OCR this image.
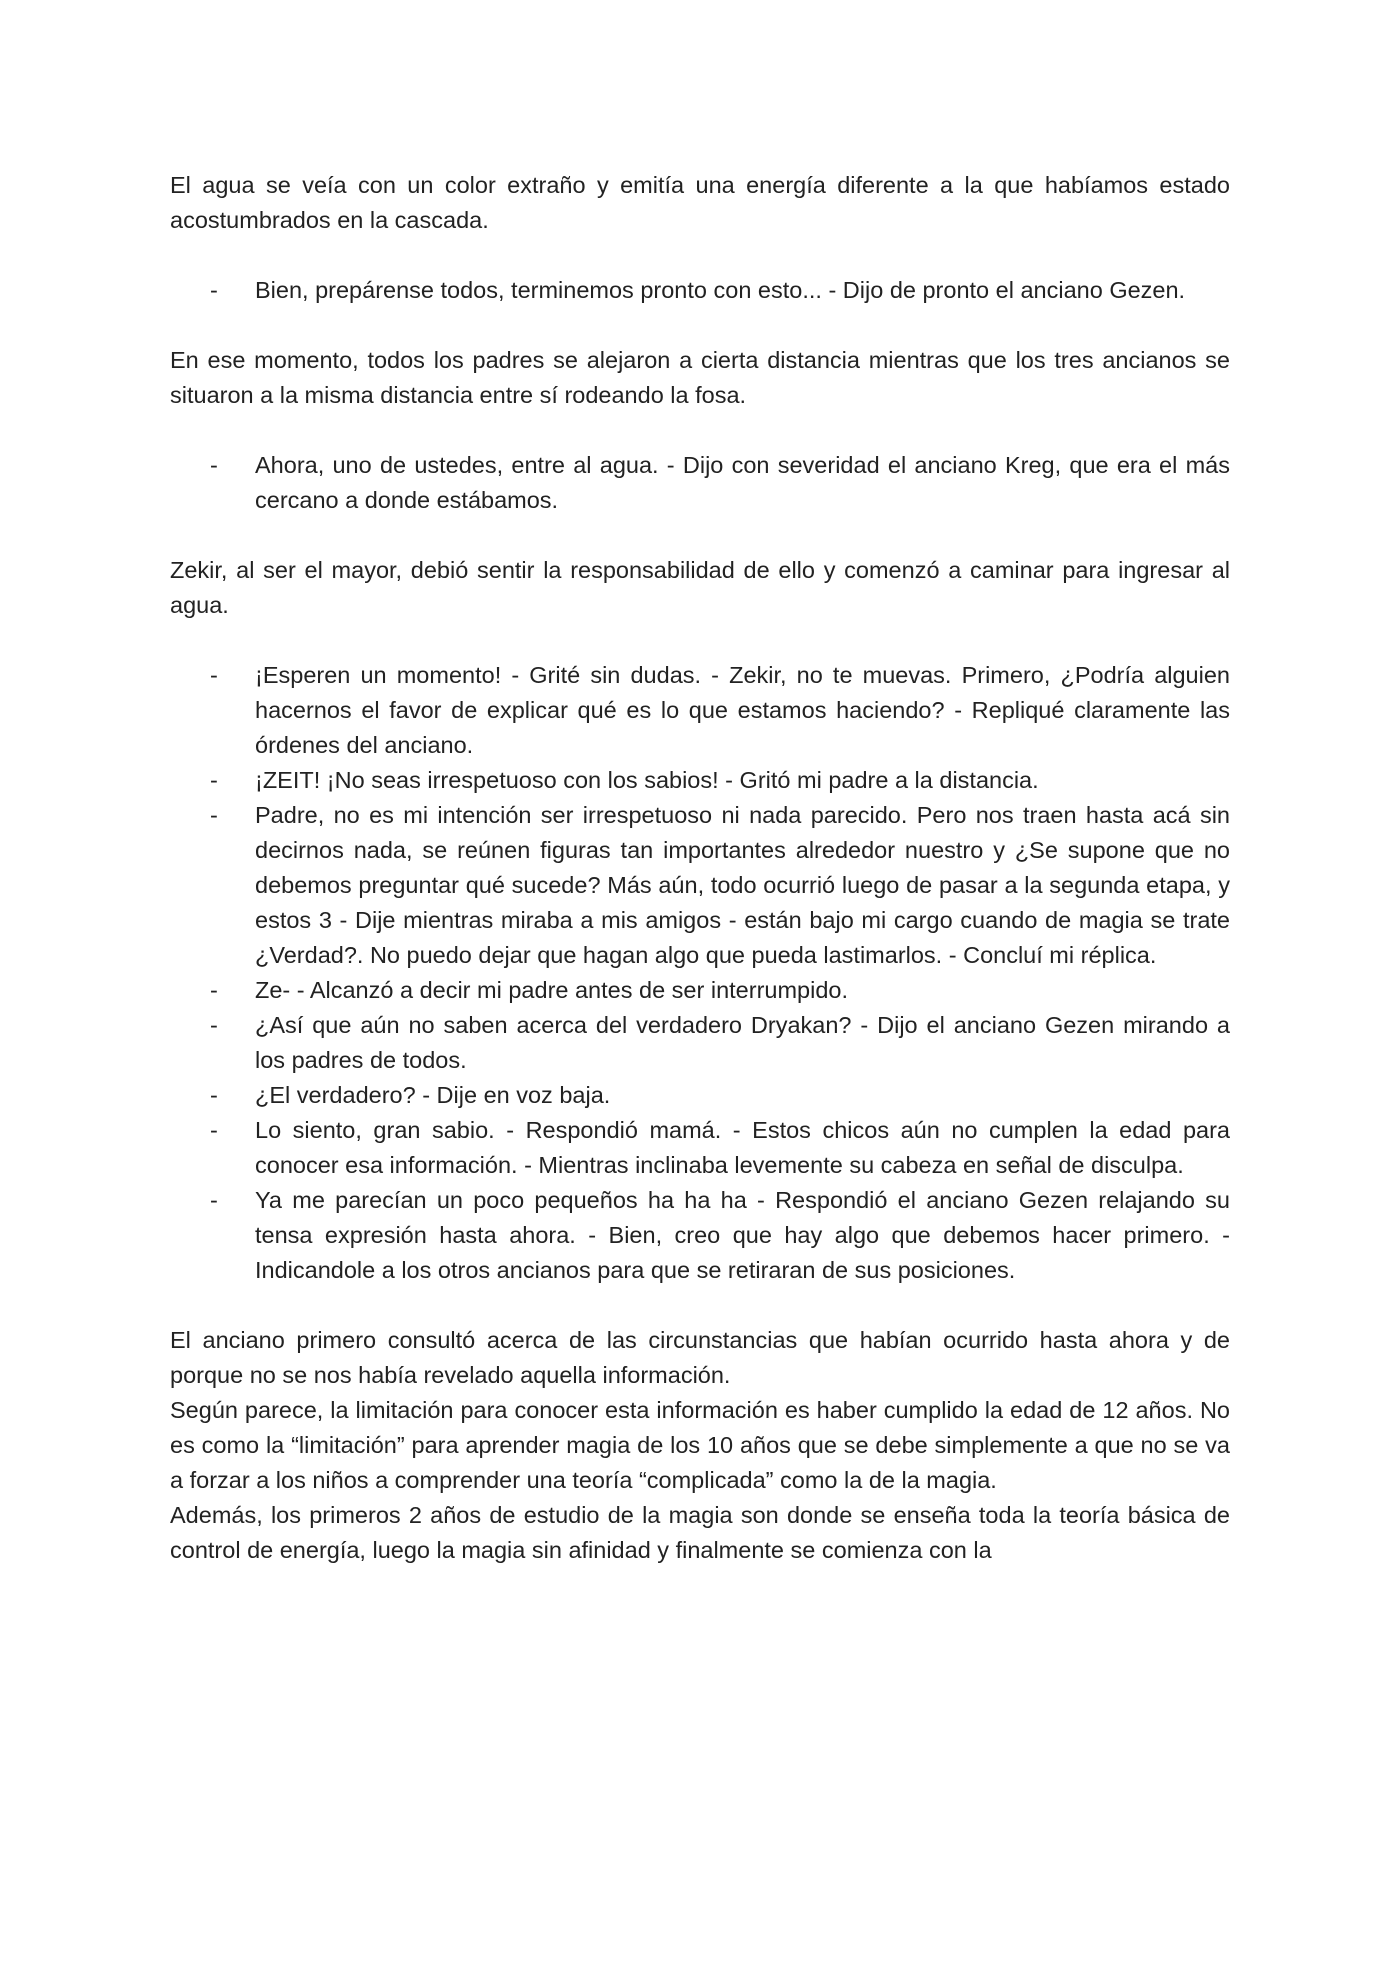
El agua se veía con un color extraño y emitía una energía diferente a la que habíamos estado acostumbrados en la cascada.

- Bien, prepárense todos, terminemos pronto con esto... - Dijo de pronto el anciano Gezen.

En ese momento, todos los padres se alejaron a cierta distancia mientras que los tres ancianos se situaron a la misma distancia entre sí rodeando la fosa.

- Ahora, uno de ustedes, entre al agua. - Dijo con severidad el anciano Kreg, que era el más cercano a donde estábamos.

Zekir, al ser el mayor, debió sentir la responsabilidad de ello y comenzó a caminar para ingresar al agua.

- ¡Esperen un momento! - Grité sin dudas. - Zekir, no te muevas. Primero, ¿Podría alguien hacernos el favor de explicar qué es lo que estamos haciendo? - Repliqué claramente las órdenes del anciano.
- ¡ZEIT! ¡No seas irrespetuoso con los sabios! - Gritó mi padre a la distancia.
- Padre, no es mi intención ser irrespetuoso ni nada parecido. Pero nos traen hasta acá sin decirnos nada, se reúnen figuras tan importantes alrededor nuestro y ¿Se supone que no debemos preguntar qué sucede? Más aún, todo ocurrió luego de pasar a la segunda etapa, y estos 3 - Dije mientras miraba a mis amigos - están bajo mi cargo cuando de magia se trate ¿Verdad?. No puedo dejar que hagan algo que pueda lastimarlos. - Concluí mi réplica.
- Ze- - Alcanzó a decir mi padre antes de ser interrumpido.
- ¿Así que aún no saben acerca del verdadero Dryakan? - Dijo el anciano Gezen mirando a los padres de todos.
- ¿El verdadero? - Dije en voz baja.
- Lo siento, gran sabio. - Respondió mamá. - Estos chicos aún no cumplen la edad para conocer esa información. - Mientras inclinaba levemente su cabeza en señal de disculpa.
- Ya me parecían un poco pequeños ha ha ha - Respondió el anciano Gezen relajando su tensa expresión hasta ahora. - Bien, creo que hay algo que debemos hacer primero. - Indicandole a los otros ancianos para que se retiraran de sus posiciones.

El anciano primero consultó acerca de las circunstancias que habían ocurrido hasta ahora y de porque no se nos había revelado aquella información.

Según parece, la limitación para conocer esta información es haber cumplido la edad de 12 años. No es como la “limitación” para aprender magia de los 10 años que se debe simplemente a que no se va a forzar a los niños a comprender una teoría “complicada” como la de la magia.

Además, los primeros 2 años de estudio de la magia son donde se enseña toda la teoría básica de control de energía, luego la magia sin afinidad y finalmente se comienza con la
